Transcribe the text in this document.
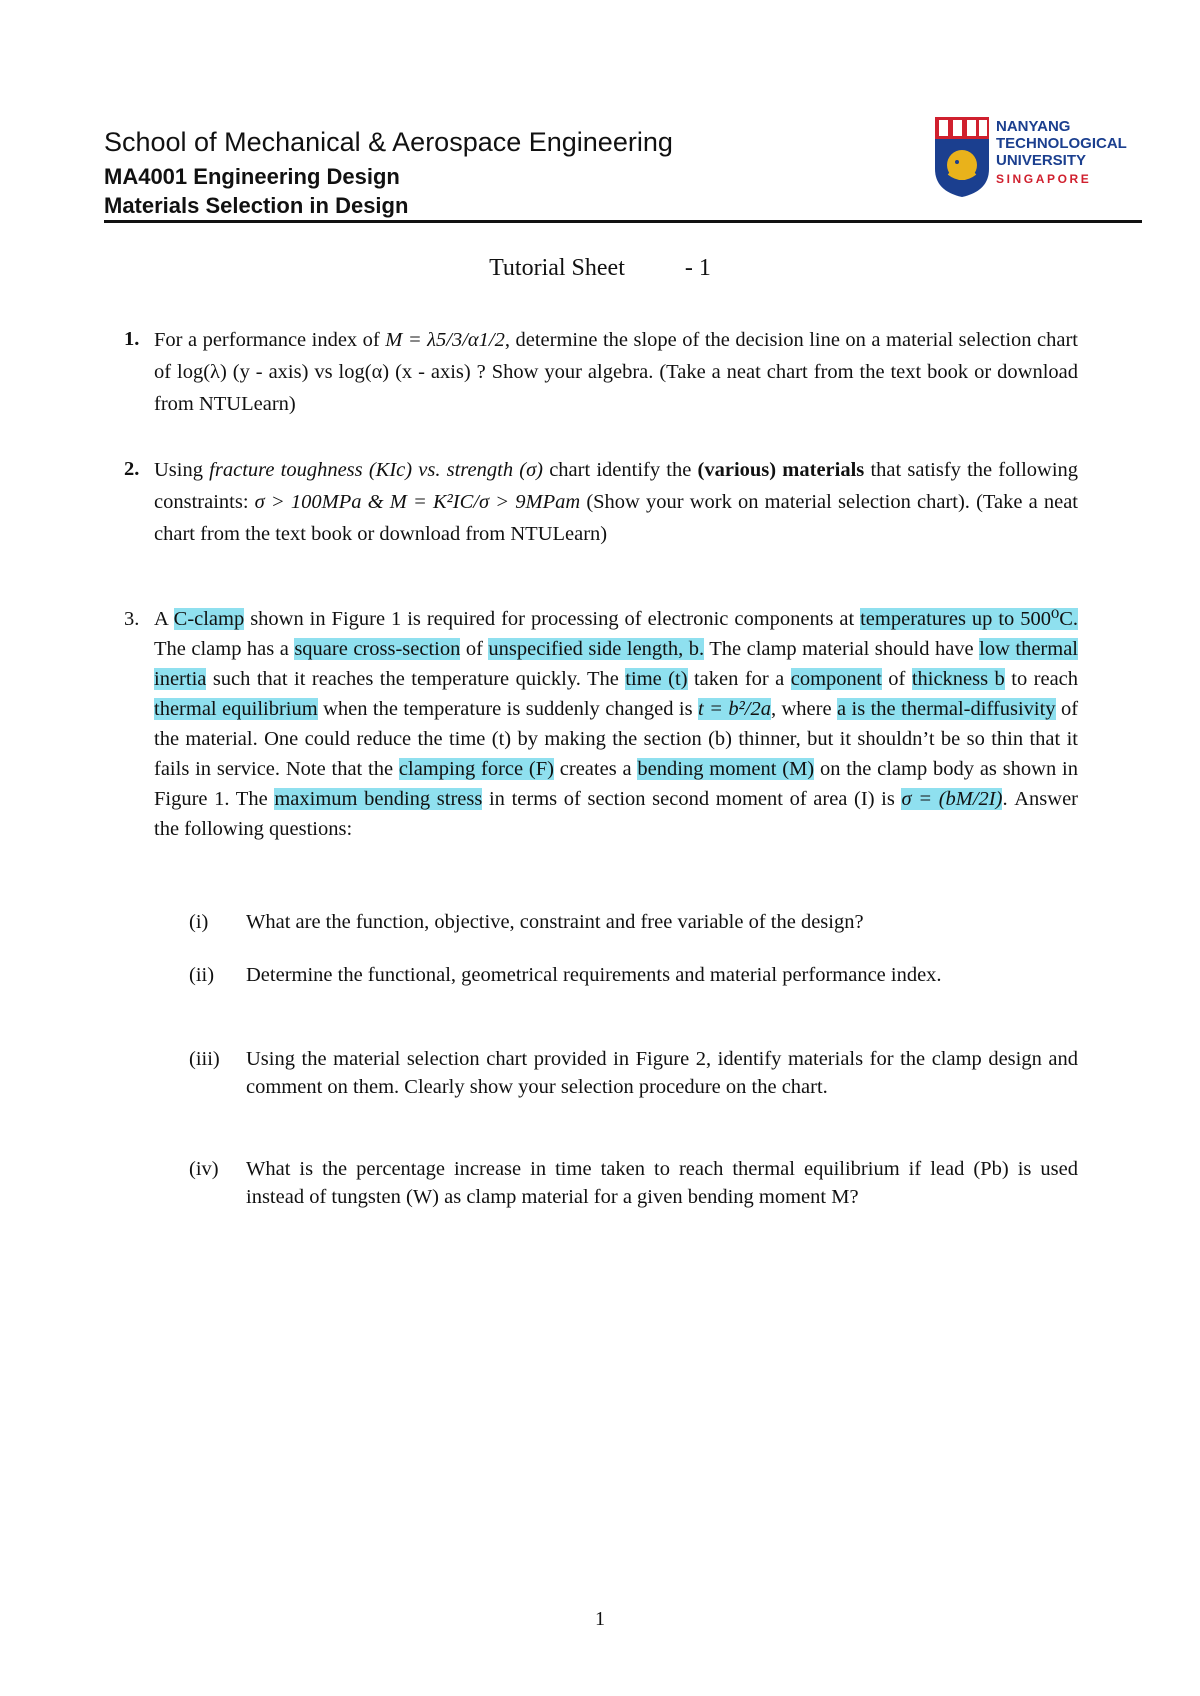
School of Mechanical & Aerospace Engineering
MA4001 Engineering Design
Materials Selection in Design
NANYANG
TECHNOLOGICAL
UNIVERSITY
SINGAPORE
Tutorial Sheet	- 1
1. For a performance index of M = λ5/3/α1/2, determine the slope of the decision line on a material selection chart of log(λ) (y - axis) vs log(α) (x - axis) ? Show your algebra. (Take a neat chart from the text book or download from NTULearn)
2. Using fracture toughness (KIc) vs. strength (σ) chart identify the (various) materials that satisfy the following constraints: σ > 100MPa & M = K²IC/σ > 9MPam (Show your work on material selection chart). (Take a neat chart from the text book or download from NTULearn)
3. A C-clamp shown in Figure 1 is required for processing of electronic components at temperatures up to 500⁰C. The clamp has a square cross-section of unspecified side length, b. The clamp material should have low thermal inertia such that it reaches the temperature quickly. The time (t) taken for a component of thickness b to reach thermal equilibrium when the temperature is suddenly changed is t = b²/2a, where a is the thermal-diffusivity of the material. One could reduce the time (t) by making the section (b) thinner, but it shouldn’t be so thin that it fails in service. Note that the clamping force (F) creates a bending moment (M) on the clamp body as shown in Figure 1. The maximum bending stress in terms of section second moment of area (I) is σ = (bM/2I). Answer the following questions:
(i) What are the function, objective, constraint and free variable of the design?
(ii) Determine the functional, geometrical requirements and material performance index.
(iii) Using the material selection chart provided in Figure 2, identify materials for the clamp design and comment on them. Clearly show your selection procedure on the chart.
(iv) What is the percentage increase in time taken to reach thermal equilibrium if lead (Pb) is used instead of tungsten (W) as clamp material for a given bending moment M?
1
